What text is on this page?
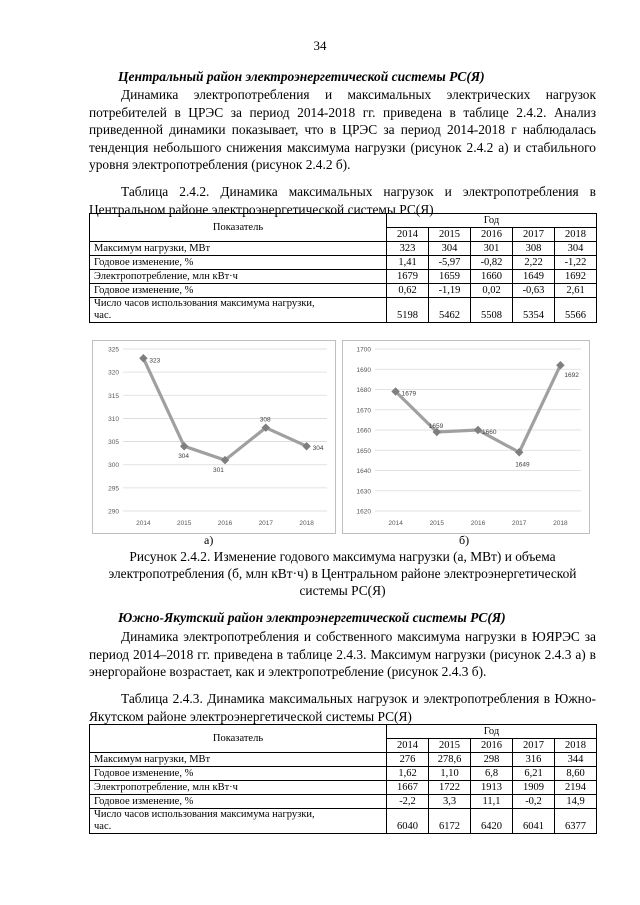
34
Центральный район электроэнергетической системы РС(Я)
Динамика электропотребления и максимальных электрических нагрузок потребителей в ЦРЭС за период 2014-2018 гг. приведена в таблице 2.4.2. Анализ приведенной динамики показывает, что в ЦРЭС за период 2014-2018 г наблюдалась тенденция небольшого снижения максимума нагрузки (рисунок 2.4.2 а) и стабильного уровня электропотребления (рисунок 2.4.2 б).
Таблица 2.4.2. Динамика максимальных нагрузок и электропотребления в Центральном районе электроэнергетической системы РС(Я)
Показатель	Год				
	2014	2015	2016	2017	2018
Максимум нагрузки, МВт	323	304	301	308	304
Годовое изменение, %	1,41	-5,97	-0,82	2,22	-1,22
Электропотребление, млн кВт·ч	1679	1659	1660	1649	1692
Годовое изменение, %	0,62	-1,19	0,02	-0,63	2,61
Число часов использования максимума нагрузки,
час.	5198	5462	5508	5354	5566
325
320
315
310
305
300
295
290
2014	2015	2016	2017	2018
323
304
301
308
304
1700
1690
1680
1670
1660
1650
1640
1630
1620
2014	2015	2016	2017	2018
1679
1659
1660
1649
1692
а)	б)
Рисунок 2.4.2. Изменение годового максимума нагрузки (а, МВт) и объема электропотребления (б, млн кВт·ч) в Центральном районе электроэнергетической системы РС(Я)
Южно-Якутский район электроэнергетической системы РС(Я)
Динамика электропотребления и собственного максимума нагрузки в ЮЯРЭС за период 2014–2018 гг. приведена в таблице 2.4.3. Максимум нагрузки (рисунок 2.4.3 а) в энергорайоне возрастает, как и электропотребление (рисунок 2.4.3 б).
Таблица 2.4.3. Динамика максимальных нагрузок и электропотребления в Южно-Якутском районе электроэнергетической системы РС(Я)
Показатель	Год				
	2014	2015	2016	2017	2018
Максимум нагрузки, МВт	276	278,6	298	316	344
Годовое изменение, %	1,62	1,10	6,8	6,21	8,60
Электропотребление, млн кВт·ч	1667	1722	1913	1909	2194
Годовое изменение, %	-2,2	3,3	11,1	-0,2	14,9
Число часов использования максимума нагрузки,
час.	6040	6172	6420	6041	6377
